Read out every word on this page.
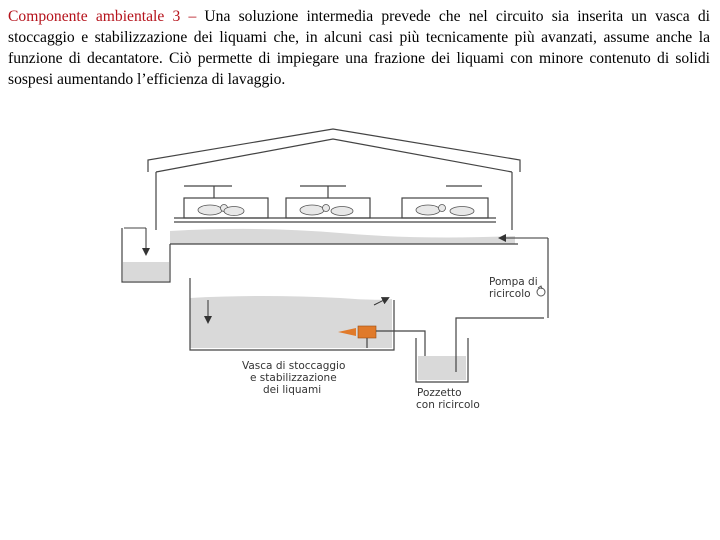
Componente ambientale 3 – Una soluzione intermedia prevede che nel circuito sia inserita un vasca di stoccaggio e stabilizzazione dei liquami che, in alcuni casi più tecnicamente più avanzati, assume anche la funzione di decantatore. Ciò permette di impiegare una frazione dei liquami con minore contenuto di solidi sospesi aumentando l’efficienza di lavaggio.
Pompa di
ricircolo
Vasca di stoccaggio
e stabilizzazione
dei liquami	Pozzetto
con ricircolo
